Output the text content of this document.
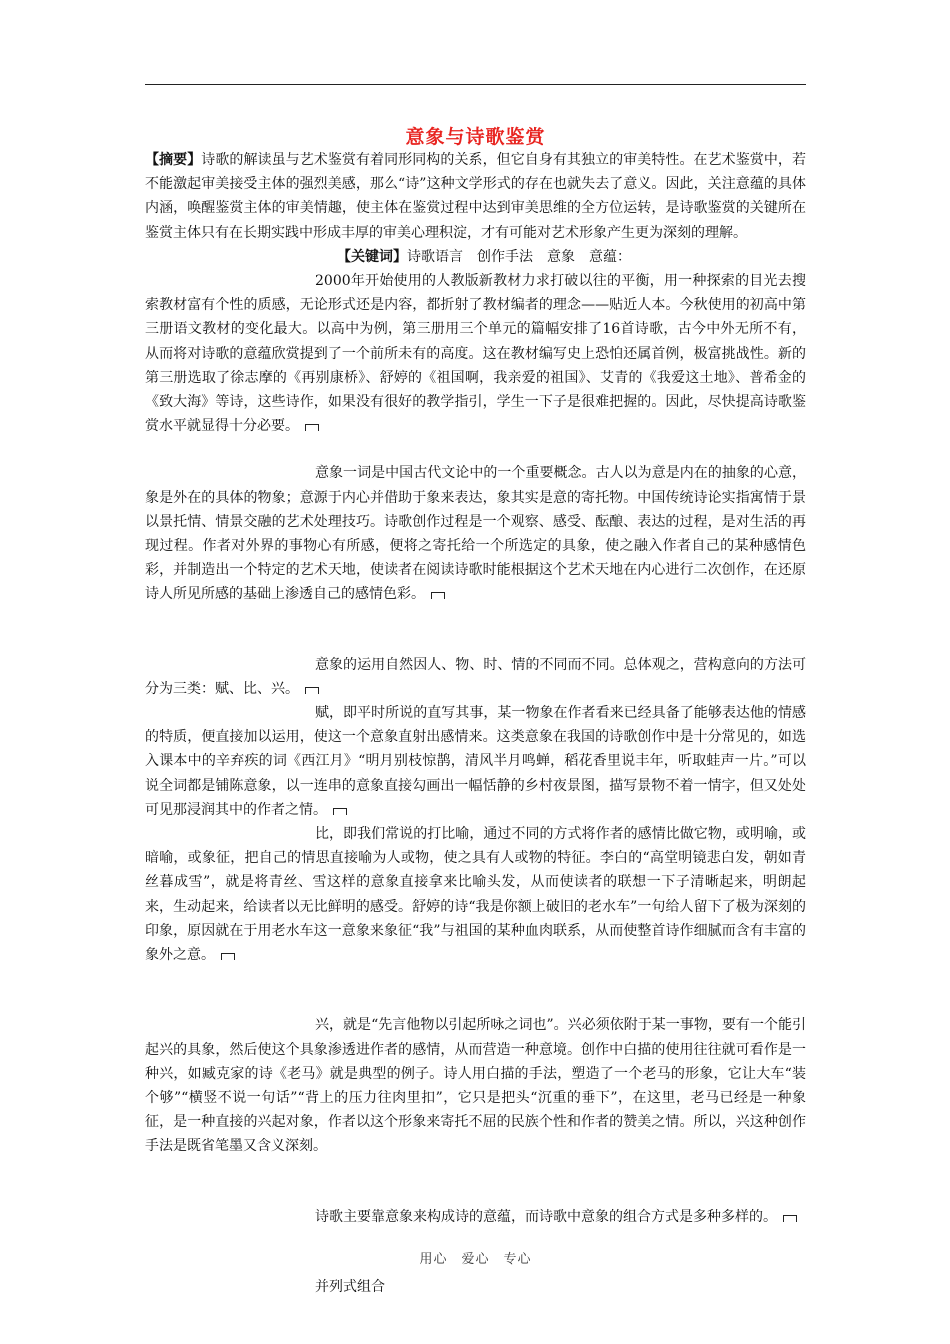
意象与诗歌鉴赏

【摘要】诗歌的解读虽与艺术鉴赏有着同形同构的关系，但它自身有其独立的审美特性。在艺术鉴赏中，若不能激起审美接受主体的强烈美感，那么“诗”这种文学形式的存在也就失去了意义。因此，关注意蕴的具体内涵，唤醒鉴赏主体的审美情趣，使主体在鉴赏过程中达到审美思维的全方位运转，是诗歌鉴赏的关键所在鉴赏主体只有在长期实践中形成丰厚的审美心理积淀，才有可能对艺术形象产生更为深刻的理解。

【关键词】诗歌语言　创作手法　意象　意蕴：

2000年开始使用的人教版新教材力求打破以往的平衡，用一种探索的目光去搜索教材富有个性的质感，无论形式还是内容，都折射了教材编者的理念——贴近人本。今秋使用的初高中第三册语文教材的变化最大。以高中为例，第三册用三个单元的篇幅安排了16首诗歌，古今中外无所不有，从而将对诗歌的意蕴欣赏提到了一个前所未有的高度。这在教材编写史上恐怕还属首例，极富挑战性。新的第三册选取了徐志摩的《再别康桥》、舒婷的《祖国啊，我亲爱的祖国》、艾青的《我爱这土地》、普希金的《致大海》等诗，这些诗作，如果没有很好的教学指引，学生一下子是很难把握的。因此，尽快提高诗歌鉴赏水平就显得十分必要。

意象一词是中国古代文论中的一个重要概念。古人以为意是内在的抽象的心意，象是外在的具体的物象；意源于内心并借助于象来表达，象其实是意的寄托物。中国传统诗论实指寓情于景以景托情、情景交融的艺术处理技巧。诗歌创作过程是一个观察、感受、酝酿、表达的过程，是对生活的再现过程。作者对外界的事物心有所感，便将之寄托给一个所选定的具象，使之融入作者自己的某种感情色彩，并制造出一个特定的艺术天地，使读者在阅读诗歌时能根据这个艺术天地在内心进行二次创作，在还原诗人所见所感的基础上渗透自己的感情色彩。

意象的运用自然因人、物、时、情的不同而不同。总体观之，营构意向的方法可分为三类：赋、比、兴。

赋，即平时所说的直写其事，某一物象在作者看来已经具备了能够表达他的情感的特质，便直接加以运用，使这一个意象直射出感情来。这类意象在我国的诗歌创作中是十分常见的，如选入课本中的辛弃疾的词《西江月》“明月别枝惊鹊，清风半月鸣蝉，稻花香里说丰年，听取蛙声一片。”可以说全词都是铺陈意象，以一连串的意象直接勾画出一幅恬静的乡村夜景图，描写景物不着一情字，但又处处可见那浸润其中的作者之情。

比，即我们常说的打比喻，通过不同的方式将作者的感情比做它物，或明喻，或暗喻，或象征，把自己的情思直接喻为人或物，使之具有人或物的特征。李白的“高堂明镜悲白发，朝如青丝暮成雪”，就是将青丝、雪这样的意象直接拿来比喻头发，从而使读者的联想一下子清晰起来，明朗起来，生动起来，给读者以无比鲜明的感受。舒婷的诗“我是你额上破旧的老水车”一句给人留下了极为深刻的印象，原因就在于用老水车这一意象来象征“我”与祖国的某种血肉联系，从而使整首诗作细腻而含有丰富的象外之意。

兴，就是“先言他物以引起所咏之词也”。兴必须依附于某一事物，要有一个能引起兴的具象，然后使这个具象渗透进作者的感情，从而营造一种意境。创作中白描的使用往往就可看作是一种兴，如臧克家的诗《老马》就是典型的例子。诗人用白描的手法，塑造了一个老马的形象，它让大车“装个够”“横竖不说一句话”“背上的压力往肉里扣”，它只是把头“沉重的垂下”，在这里，老马已经是一种象征，是一种直接的兴起对象，作者以这个形象来寄托不屈的民族个性和作者的赞美之情。所以，兴这种创作手法是既省笔墨又含义深刻。

诗歌主要靠意象来构成诗的意蕴，而诗歌中意象的组合方式是多种多样的。

并列式组合

用心　爱心　专心
